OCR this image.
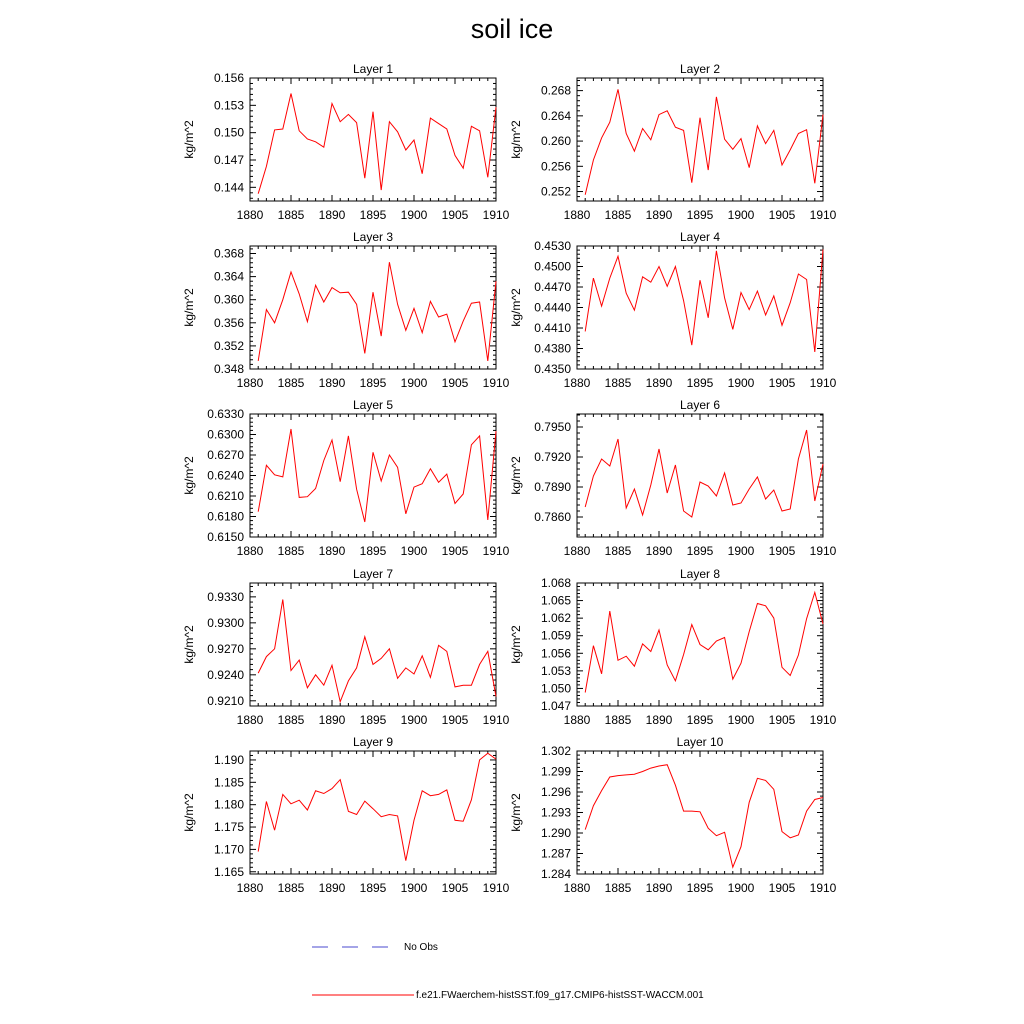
soil ice
Layer 1
kg/m^2
1880 1885 1890 1895 1900 1905 1910
0.144
0.147
0.150
0.153
0.156
Layer 2
kg/m^2
1880 1885 1890 1895 1900 1905 1910
0.252
0.256
0.260
0.264
0.268
Layer 3
kg/m^2
1880 1885 1890 1895 1900 1905 1910
0.348
0.352
0.356
0.360
0.364
0.368
Layer 4
kg/m^2
1880 1885 1890 1895 1900 1905 1910
0.4350
0.4380
0.4410
0.4440
0.4470
0.4500
0.4530
Layer 5
kg/m^2
1880 1885 1890 1895 1900 1905 1910
0.6150
0.6180
0.6210
0.6240
0.6270
0.6300
0.6330
Layer 6
kg/m^2
1880 1885 1890 1895 1900 1905 1910
0.7860
0.7890
0.7920
0.7950
Layer 7
kg/m^2
1880 1885 1890 1895 1900 1905 1910
0.9210
0.9240
0.9270
0.9300
0.9330
Layer 8
kg/m^2
1880 1885 1890 1895 1900 1905 1910
1.047
1.050
1.053
1.056
1.059
1.062
1.065
1.068
Layer 9
kg/m^2
1880 1885 1890 1895 1900 1905 1910
1.165
1.170
1.175
1.180
1.185
1.190
Layer 10
kg/m^2
1880 1885 1890 1895 1900 1905 1910
1.284
1.287
1.290
1.293
1.296
1.299
1.302
No Obs
f.e21.FWaerchem-histSST.f09_g17.CMIP6-histSST-WACCM.001
